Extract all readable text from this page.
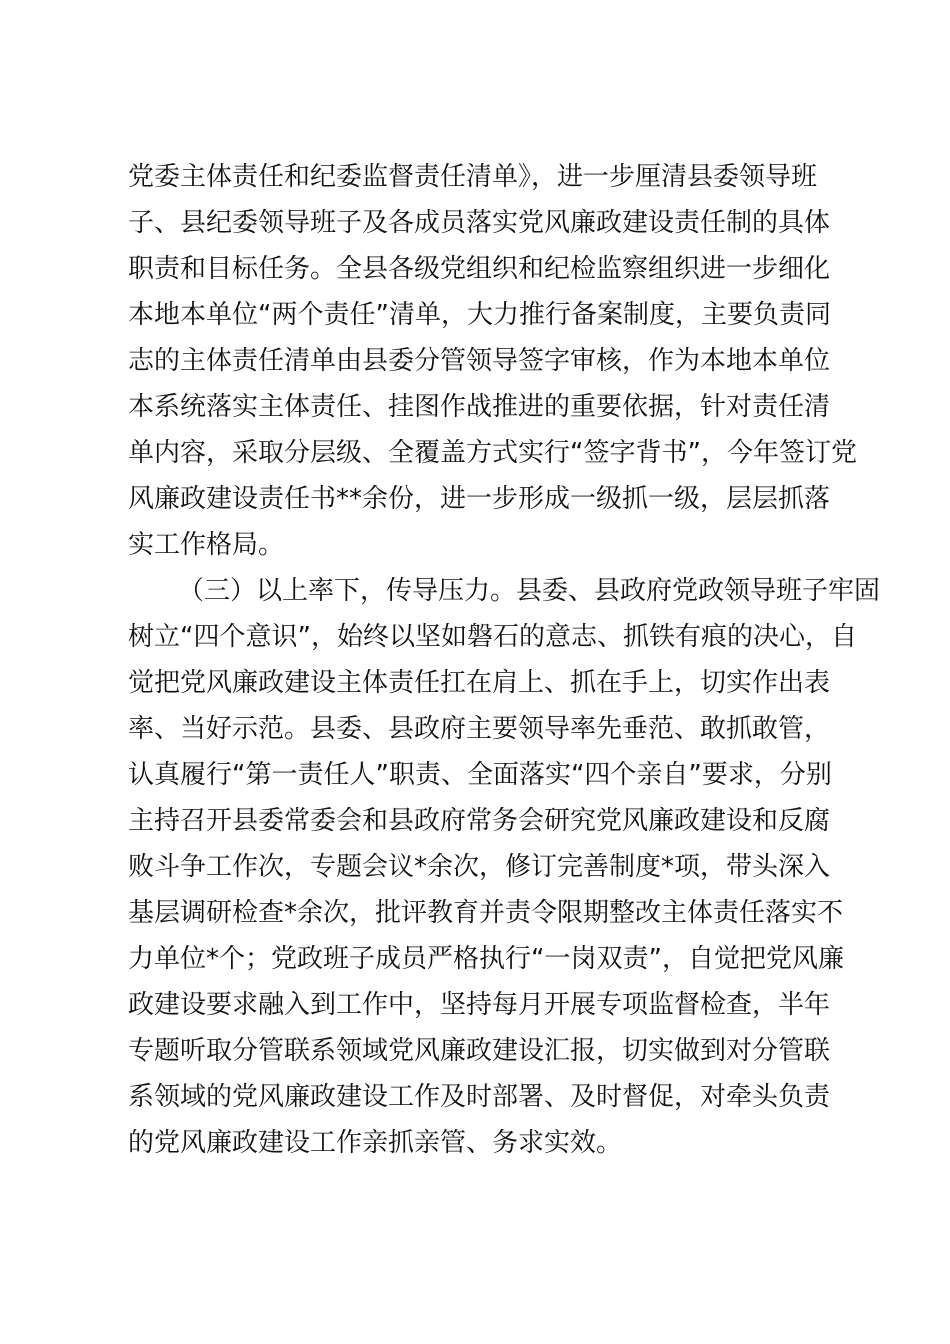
党委主体责任和纪委监督责任清单》，进一步厘清县委领导班
子、县纪委领导班子及各成员落实党风廉政建设责任制的具体
职责和目标任务。全县各级党组织和纪检监察组织进一步细化
本地本单位“两个责任”清单，大力推行备案制度，主要负责同
志的主体责任清单由县委分管领导签字审核，作为本地本单位
本系统落实主体责任、挂图作战推进的重要依据，针对责任清
单内容，采取分层级、全覆盖方式实行“签字背书”，今年签订党
风廉政建设责任书**余份，进一步形成一级抓一级，层层抓落
实工作格局。
（三）以上率下，传导压力。县委、县政府党政领导班子牢固
树立“四个意识”，始终以坚如磐石的意志、抓铁有痕的决心，自
觉把党风廉政建设主体责任扛在肩上、抓在手上，切实作出表
率、当好示范。县委、县政府主要领导率先垂范、敢抓敢管，
认真履行“第一责任人”职责、全面落实“四个亲自”要求，分别
主持召开县委常委会和县政府常务会研究党风廉政建设和反腐
败斗争工作次，专题会议*余次，修订完善制度*项，带头深入
基层调研检查*余次，批评教育并责令限期整改主体责任落实不
力单位*个；党政班子成员严格执行“一岗双责”，自觉把党风廉
政建设要求融入到工作中，坚持每月开展专项监督检查，半年
专题听取分管联系领域党风廉政建设汇报，切实做到对分管联
系领域的党风廉政建设工作及时部署、及时督促，对牵头负责
的党风廉政建设工作亲抓亲管、务求实效。
